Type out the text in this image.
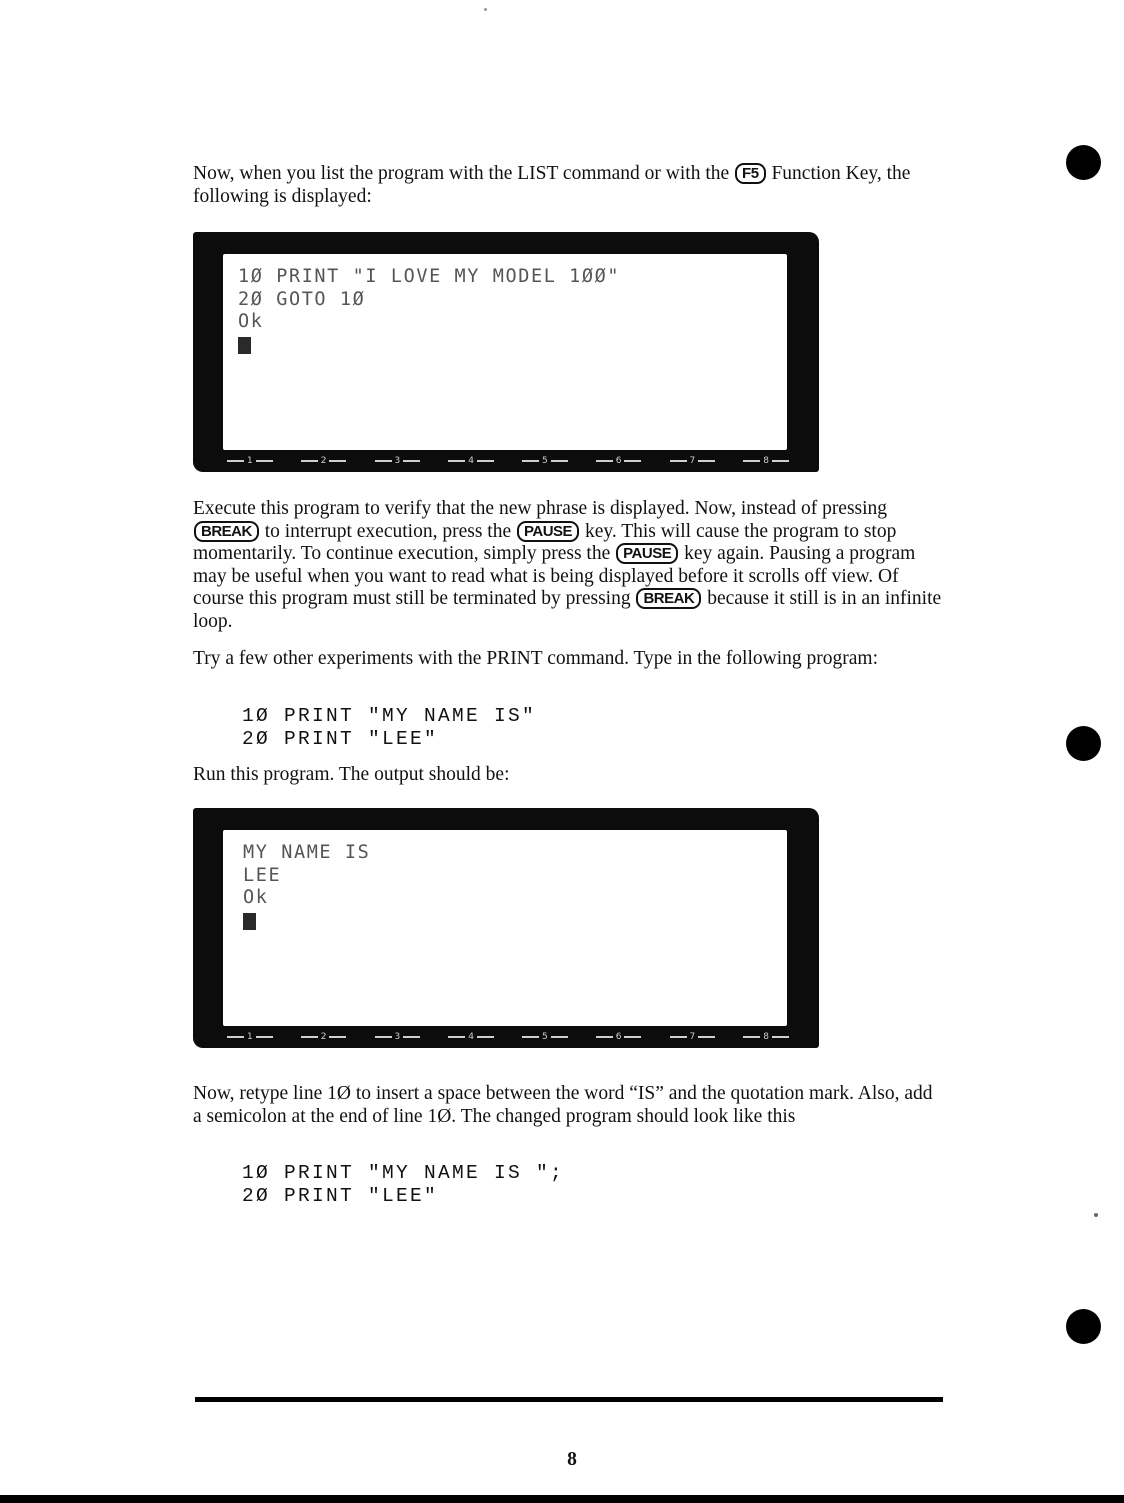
Now, when you list the program with the LIST command or with the F5 Function Key, the following is displayed:

1Ø PRINT "I LOVE MY MODEL 1ØØ"
2Ø GOTO 1Ø
Ok
1	2	3	4	5	6	7	8

Execute this program to verify that the new phrase is displayed. Now, instead of pressing BREAK to interrupt execution, press the PAUSE key. This will cause the program to stop momentarily. To continue execution, simply press the PAUSE key again. Pausing a program may be useful when you want to read what is being displayed before it scrolls off view. Of course this program must still be terminated by pressing BREAK because it still is in an infinite loop.

Try a few other experiments with the PRINT command. Type in the following program:

1Ø PRINT "MY NAME IS"
2Ø PRINT "LEE"

Run this program. The output should be:

MY NAME IS
LEE
Ok
1	2	3	4	5	6	7	8

Now, retype line 1Ø to insert a space between the word “IS” and the quotation mark. Also, add a semicolon at the end of line 1Ø. The changed program should look like this

1Ø PRINT "MY NAME IS ";
2Ø PRINT "LEE"
8
